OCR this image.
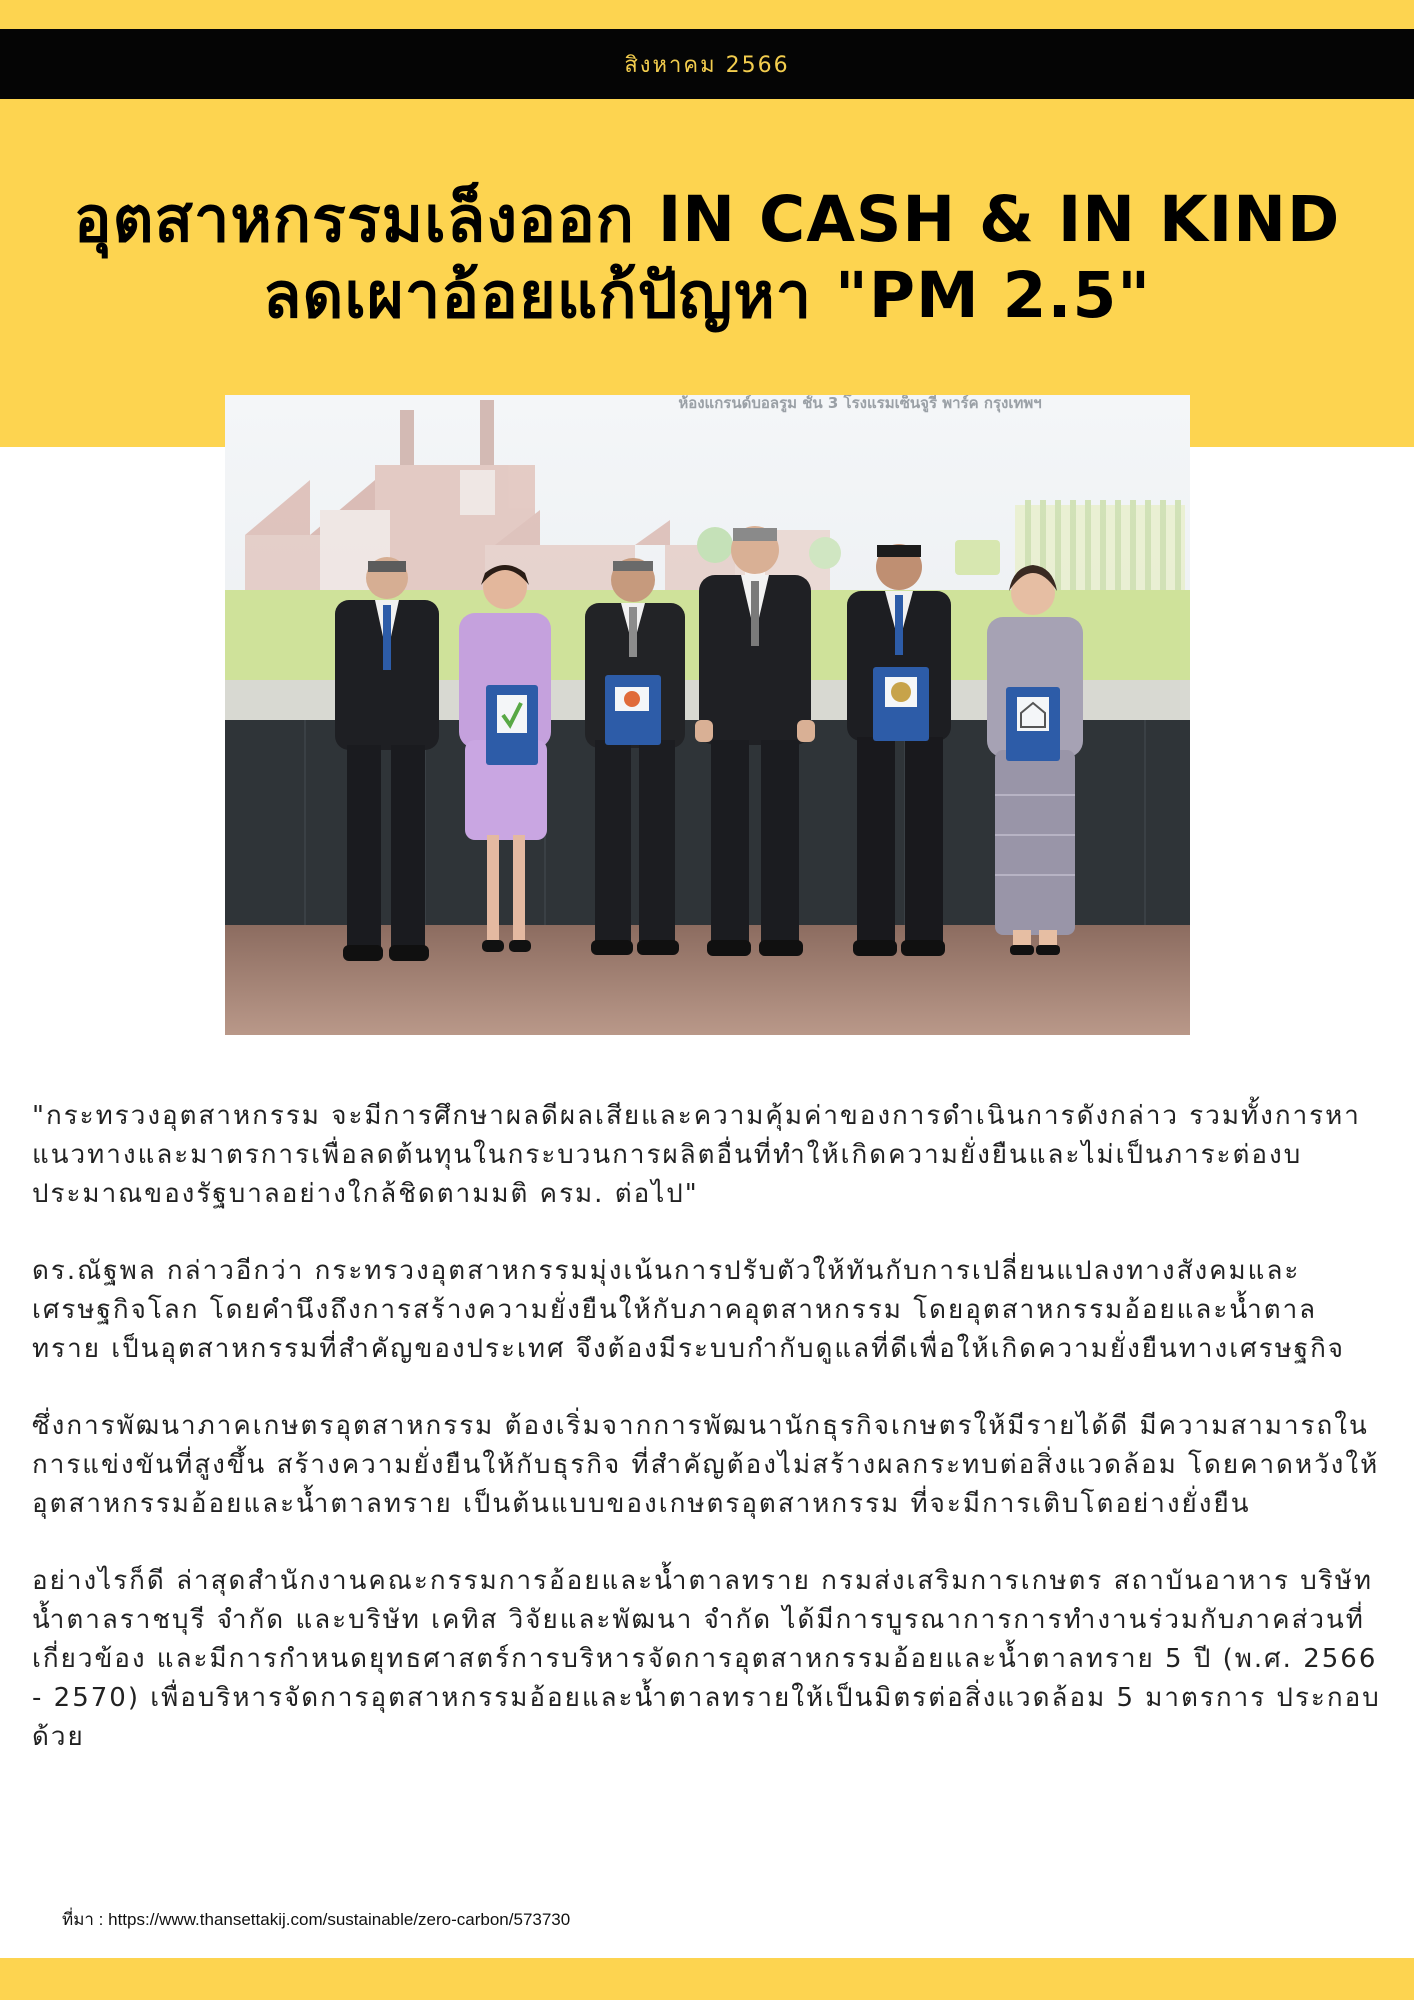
สิงหาคม 2566
อุตสาหกรรมเล็งออก IN CASH & IN KIND ลดเผาอ้อยแก้ปัญหา "PM 2.5"
ห้องแกรนด์บอลรูม ชั้น 3 โรงแรมเซ็นจูรี่ พาร์ค กรุงเทพฯ

"กระทรวงอุตสาหกรรม จะมีการศึกษาผลดีผลเสียและความคุ้มค่าของการดำเนินการดังกล่าว รวมทั้งการหาแนวทางและมาตรการเพื่อลดต้นทุนในกระบวนการผลิตอื่นที่ทำให้เกิดความยั่งยืนและไม่เป็นภาระต่องบประมาณของรัฐบาลอย่างใกล้ชิดตามมติ ครม. ต่อไป"

ดร.ณัฐพล กล่าวอีกว่า กระทรวงอุตสาหกรรมมุ่งเน้นการปรับตัวให้ทันกับการเปลี่ยนแปลงทางสังคมและเศรษฐกิจโลก โดยคำนึงถึงการสร้างความยั่งยืนให้กับภาคอุตสาหกรรม โดยอุตสาหกรรมอ้อยและน้ำตาลทราย เป็นอุตสาหกรรมที่สำคัญของประเทศ จึงต้องมีระบบกำกับดูแลที่ดีเพื่อให้เกิดความยั่งยืนทางเศรษฐกิจ

ซึ่งการพัฒนาภาคเกษตรอุตสาหกรรม ต้องเริ่มจากการพัฒนานักธุรกิจเกษตรให้มีรายได้ดี มีความสามารถในการแข่งขันที่สูงขึ้น สร้างความยั่งยืนให้กับธุรกิจ ที่สำคัญต้องไม่สร้างผลกระทบต่อสิ่งแวดล้อม โดยคาดหวังให้อุตสาหกรรมอ้อยและน้ำตาลทราย เป็นต้นแบบของเกษตรอุตสาหกรรม ที่จะมีการเติบโตอย่างยั่งยืน

อย่างไรก็ดี ล่าสุดสำนักงานคณะกรรมการอ้อยและน้ำตาลทราย กรมส่งเสริมการเกษตร สถาบันอาหาร บริษัท น้ำตาลราชบุรี จำกัด และบริษัท เคทิส วิจัยและพัฒนา จำกัด ได้มีการบูรณาการการทำงานร่วมกับภาคส่วนที่เกี่ยวข้อง และมีการกำหนดยุทธศาสตร์การบริหารจัดการอุตสาหกรรมอ้อยและน้ำตาลทราย 5 ปี (พ.ศ. 2566 - 2570) เพื่อบริหารจัดการอุตสาหกรรมอ้อยและน้ำตาลทรายให้เป็นมิตรต่อสิ่งแวดล้อม 5 มาตรการ ประกอบด้วย

ที่มา : https://www.thansettakij.com/sustainable/zero-carbon/573730
